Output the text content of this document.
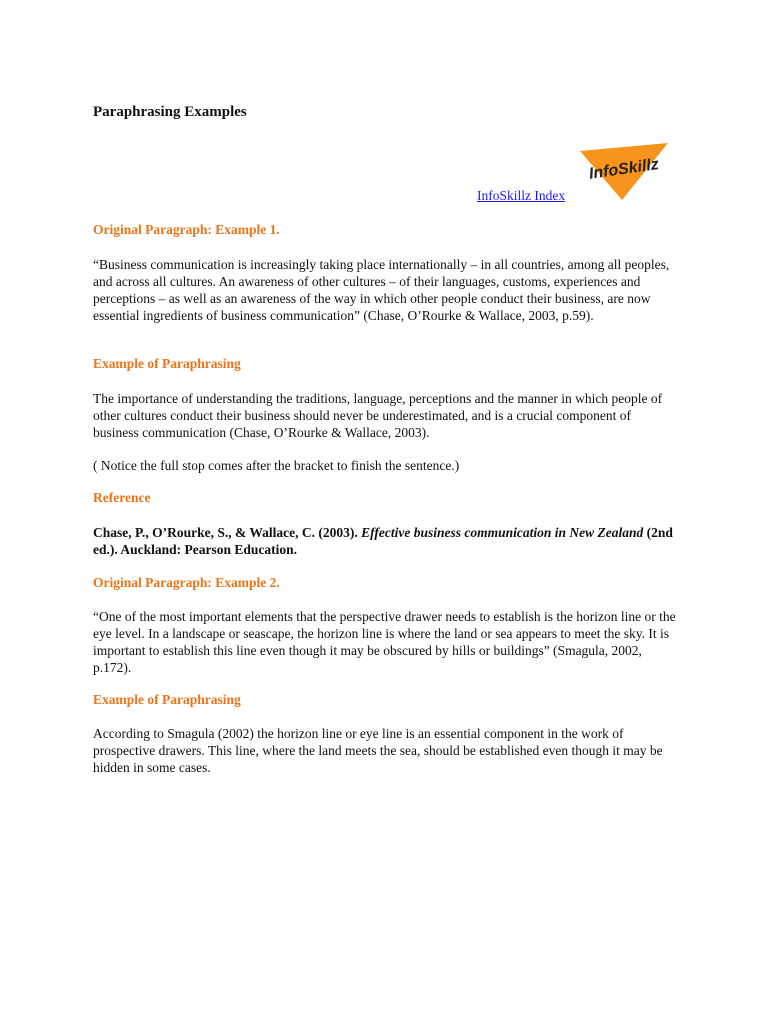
Paraphrasing Examples
InfoSkillz
InfoSkillz Index
Original Paragraph: Example 1.

“Business communication is increasingly taking place internationally – in all countries, among all peoples, and across all cultures. An awareness of other cultures – of their languages, customs, experiences and perceptions – as well as an awareness of the way in which other people conduct their business, are now essential ingredients of business communication” (Chase, O’Rourke & Wallace, 2003, p.59).

Example of Paraphrasing

The importance of understanding the traditions, language, perceptions and the manner in which people of other cultures conduct their business should never be underestimated, and is a crucial component of business communication (Chase, O’Rourke & Wallace, 2003).

( Notice the full stop comes after the bracket to finish the sentence.)

Reference

Chase, P., O’Rourke, S., & Wallace, C. (2003). Effective business communication in New Zealand (2nd ed.). Auckland: Pearson Education.

Original Paragraph: Example 2.

“One of the most important elements that the perspective drawer needs to establish is the horizon line or the eye level. In a landscape or seascape, the horizon line is where the land or sea appears to meet the sky. It is important to establish this line even though it may be obscured by hills or buildings” (Smagula, 2002, p.172).

Example of Paraphrasing

According to Smagula (2002) the horizon line or eye line is an essential component in the work of prospective drawers. This line, where the land meets the sea, should be established even though it may be hidden in some cases.
